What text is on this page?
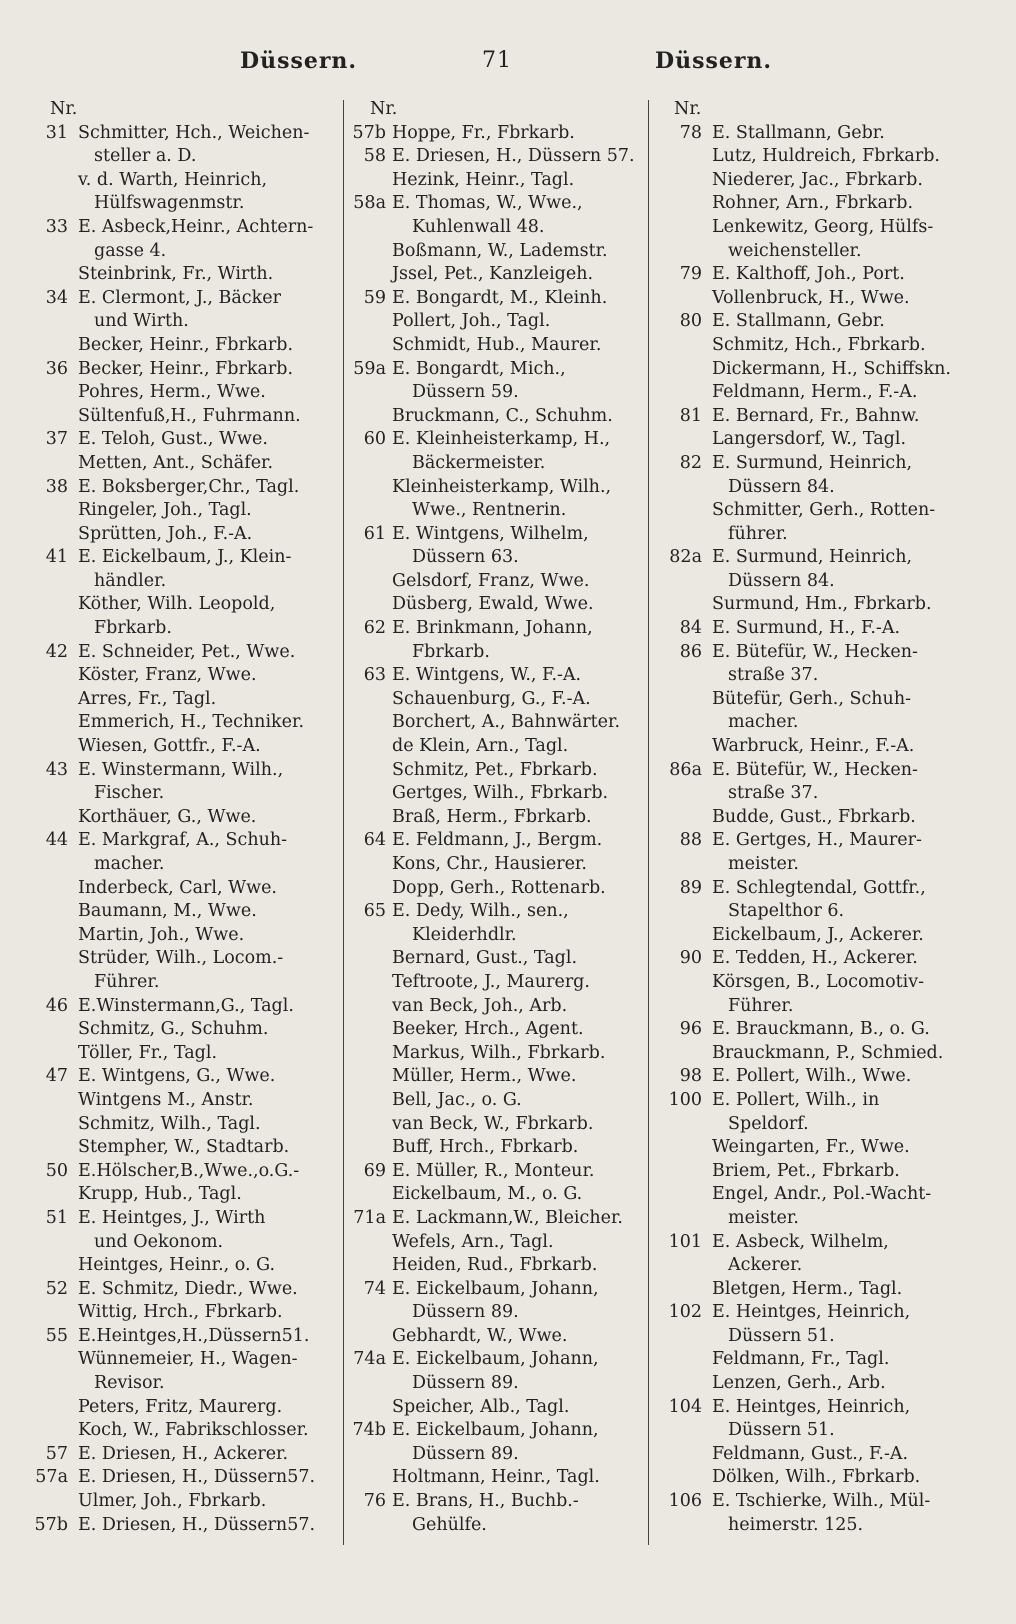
Düssern.	71	Düssern.
Nr.
31 Schmitter, Hch., Weichen-
steller a. D.
v. d. Warth, Heinrich,
Hülfswagenmstr.
33 E. Asbeck,Heinr., Achtern-
gasse 4.
Steinbrink, Fr., Wirth.
34 E. Clermont, J., Bäcker
und Wirth.
Becker, Heinr., Fbrkarb.
36 Becker, Heinr., Fbrkarb.
Pohres, Herm., Wwe.
Sültenfuß,H., Fuhrmann.
37 E. Teloh, Gust., Wwe.
Metten, Ant., Schäfer.
38 E. Boksberger,Chr., Tagl.
Ringeler, Joh., Tagl.
Sprütten, Joh., F.-A.
41 E. Eickelbaum, J., Klein-
händler.
Köther, Wilh. Leopold,
Fbrkarb.
42 E. Schneider, Pet., Wwe.
Köster, Franz, Wwe.
Arres, Fr., Tagl.
Emmerich, H., Techniker.
Wiesen, Gottfr., F.-A.
43 E. Winstermann, Wilh.,
Fischer.
Korthäuer, G., Wwe.
44 E. Markgraf, A., Schuh-
macher.
Inderbeck, Carl, Wwe.
Baumann, M., Wwe.
Martin, Joh., Wwe.
Strüder, Wilh., Locom.-
Führer.
46 E.Winstermann,G., Tagl.
Schmitz, G., Schuhm.
Töller, Fr., Tagl.
47 E. Wintgens, G., Wwe.
Wintgens M., Anstr.
Schmitz, Wilh., Tagl.
Stempher, W., Stadtarb.
50 E.Hölscher,B.,Wwe.,o.G.-
Krupp, Hub., Tagl.
51 E. Heintges, J., Wirth
und Oekonom.
Heintges, Heinr., o. G.
52 E. Schmitz, Diedr., Wwe.
Wittig, Hrch., Fbrkarb.
55 E.Heintges,H.,Düssern51.
Wünnemeier, H., Wagen-
Revisor.
Peters, Fritz, Maurerg.
Koch, W., Fabrikschlosser.
57 E. Driesen, H., Ackerer.
57a E. Driesen, H., Düssern57.
Ulmer, Joh., Fbrkarb.
57b E. Driesen, H., Düssern57.
Nr.
57b Hoppe, Fr., Fbrkarb.
58 E. Driesen, H., Düssern 57.
Hezink, Heinr., Tagl.
58a E. Thomas, W., Wwe.,
Kuhlenwall 48.
Boßmann, W., Lademstr.
Jssel, Pet., Kanzleigeh.
59 E. Bongardt, M., Kleinh.
Pollert, Joh., Tagl.
Schmidt, Hub., Maurer.
59a E. Bongardt, Mich.,
Düssern 59.
Bruckmann, C., Schuhm.
60 E. Kleinheisterkamp, H.,
Bäckermeister.
Kleinheisterkamp, Wilh.,
Wwe., Rentnerin.
61 E. Wintgens, Wilhelm,
Düssern 63.
Gelsdorf, Franz, Wwe.
Düsberg, Ewald, Wwe.
62 E. Brinkmann, Johann,
Fbrkarb.
63 E. Wintgens, W., F.-A.
Schauenburg, G., F.-A.
Borchert, A., Bahnwärter.
de Klein, Arn., Tagl.
Schmitz, Pet., Fbrkarb.
Gertges, Wilh., Fbrkarb.
Braß, Herm., Fbrkarb.
64 E. Feldmann, J., Bergm.
Kons, Chr., Hausierer.
Dopp, Gerh., Rottenarb.
65 E. Dedy, Wilh., sen.,
Kleiderhdlr.
Bernard, Gust., Tagl.
Teftroote, J., Maurerg.
van Beck, Joh., Arb.
Beeker, Hrch., Agent.
Markus, Wilh., Fbrkarb.
Müller, Herm., Wwe.
Bell, Jac., o. G.
van Beck, W., Fbrkarb.
Buff, Hrch., Fbrkarb.
69 E. Müller, R., Monteur.
Eickelbaum, M., o. G.
71a E. Lackmann,W., Bleicher.
Wefels, Arn., Tagl.
Heiden, Rud., Fbrkarb.
74 E. Eickelbaum, Johann,
Düssern 89.
Gebhardt, W., Wwe.
74a E. Eickelbaum, Johann,
Düssern 89.
Speicher, Alb., Tagl.
74b E. Eickelbaum, Johann,
Düssern 89.
Holtmann, Heinr., Tagl.
76 E. Brans, H., Buchb.-
Gehülfe.
Nr.
78 E. Stallmann, Gebr.
Lutz, Huldreich, Fbrkarb.
Niederer, Jac., Fbrkarb.
Rohner, Arn., Fbrkarb.
Lenkewitz, Georg, Hülfs-
weichensteller.
79 E. Kalthoff, Joh., Port.
Vollenbruck, H., Wwe.
80 E. Stallmann, Gebr.
Schmitz, Hch., Fbrkarb.
Dickermann, H., Schiffskn.
Feldmann, Herm., F.-A.
81 E. Bernard, Fr., Bahnw.
Langersdorf, W., Tagl.
82 E. Surmund, Heinrich,
Düssern 84.
Schmitter, Gerh., Rotten-
führer.
82a E. Surmund, Heinrich,
Düssern 84.
Surmund, Hm., Fbrkarb.
84 E. Surmund, H., F.-A.
86 E. Bütefür, W., Hecken-
straße 37.
Bütefür, Gerh., Schuh-
macher.
Warbruck, Heinr., F.-A.
86a E. Bütefür, W., Hecken-
straße 37.
Budde, Gust., Fbrkarb.
88 E. Gertges, H., Maurer-
meister.
89 E. Schlegtendal, Gottfr.,
Stapelthor 6.
Eickelbaum, J., Ackerer.
90 E. Tedden, H., Ackerer.
Körsgen, B., Locomotiv-
Führer.
96 E. Brauckmann, B., o. G.
Brauckmann, P., Schmied.
98 E. Pollert, Wilh., Wwe.
100 E. Pollert, Wilh., in
Speldorf.
Weingarten, Fr., Wwe.
Briem, Pet., Fbrkarb.
Engel, Andr., Pol.-Wacht-
meister.
101 E. Asbeck, Wilhelm,
Ackerer.
Bletgen, Herm., Tagl.
102 E. Heintges, Heinrich,
Düssern 51.
Feldmann, Fr., Tagl.
Lenzen, Gerh., Arb.
104 E. Heintges, Heinrich,
Düssern 51.
Feldmann, Gust., F.-A.
Dölken, Wilh., Fbrkarb.
106 E. Tschierke, Wilh., Mül-
heimerstr. 125.
